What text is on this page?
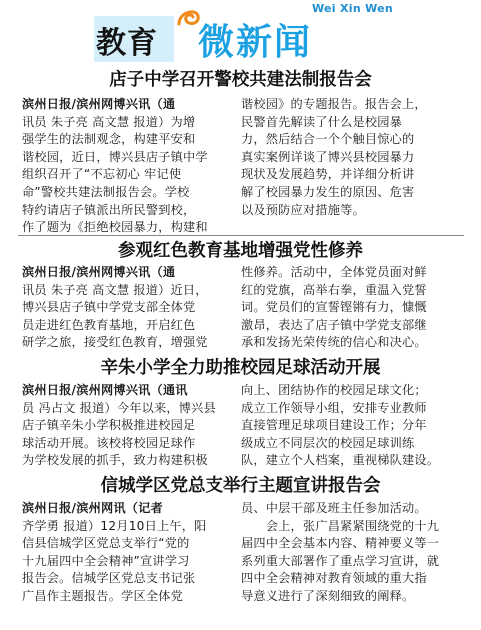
教育
Wei Xin Wen
微新闻
店子中学召开警校共建法制报告会
滨州日报/滨州网博兴讯（通
讯员 朱子亮 高文慧 报道）为增
强学生的法制观念，构建平安和
谐校园，近日，博兴县店子镇中学
组织召开了“不忘初心 牢记使
命”警校共建法制报告会。学校
特约请店子镇派出所民警到校，
作了题为《拒绝校园暴力，构建和
谐校园》的专题报告。报告会上，
民警首先解读了什么是校园暴
力，然后结合一个个触目惊心的
真实案例详谈了博兴县校园暴力
现状及发展趋势，并详细分析讲
解了校园暴力发生的原因、危害
以及预防应对措施等。
参观红色教育基地增强党性修养
滨州日报/滨州网博兴讯（通
讯员 朱子亮 高文慧 报道）近日，
博兴县店子镇中学党支部全体党
员走进红色教育基地，开启红色
研学之旅，接受红色教育，增强党
性修养。活动中，全体党员面对鲜
红的党旗，高举右拳，重温入党誓
词。党员们的宣誓铿锵有力，慷慨
激昂，表达了店子镇中学党支部继
承和发扬光荣传统的信心和决心。
辛朱小学全力助推校园足球活动开展
滨州日报/滨州网博兴讯（通讯
员 冯占文 报道）今年以来，博兴县
店子镇辛朱小学积极推进校园足
球活动开展。该校将校园足球作
为学校发展的抓手，致力构建积极
向上、团结协作的校园足球文化；
成立工作领导小组，安排专业教师
直接管理足球项目建设工作；分年
级成立不同层次的校园足球训练
队，建立个人档案，重视梯队建设。
信城学区党总支举行主题宣讲报告会
滨州日报/滨州网讯（记者
齐学勇 报道）12月10日上午，阳
信县信城学区党总支举行“党的
十九届四中全会精神”宣讲学习
报告会。信城学区党总支书记张
广昌作主题报告。学区全体党
员、中层干部及班主任参加活动。
　　会上，张广昌紧紧围绕党的十九
届四中全会基本内容、精神要义等一
系列重大部署作了重点学习宣讲，就
四中全会精神对教育领域的重大指
导意义进行了深刻细致的阐释。
